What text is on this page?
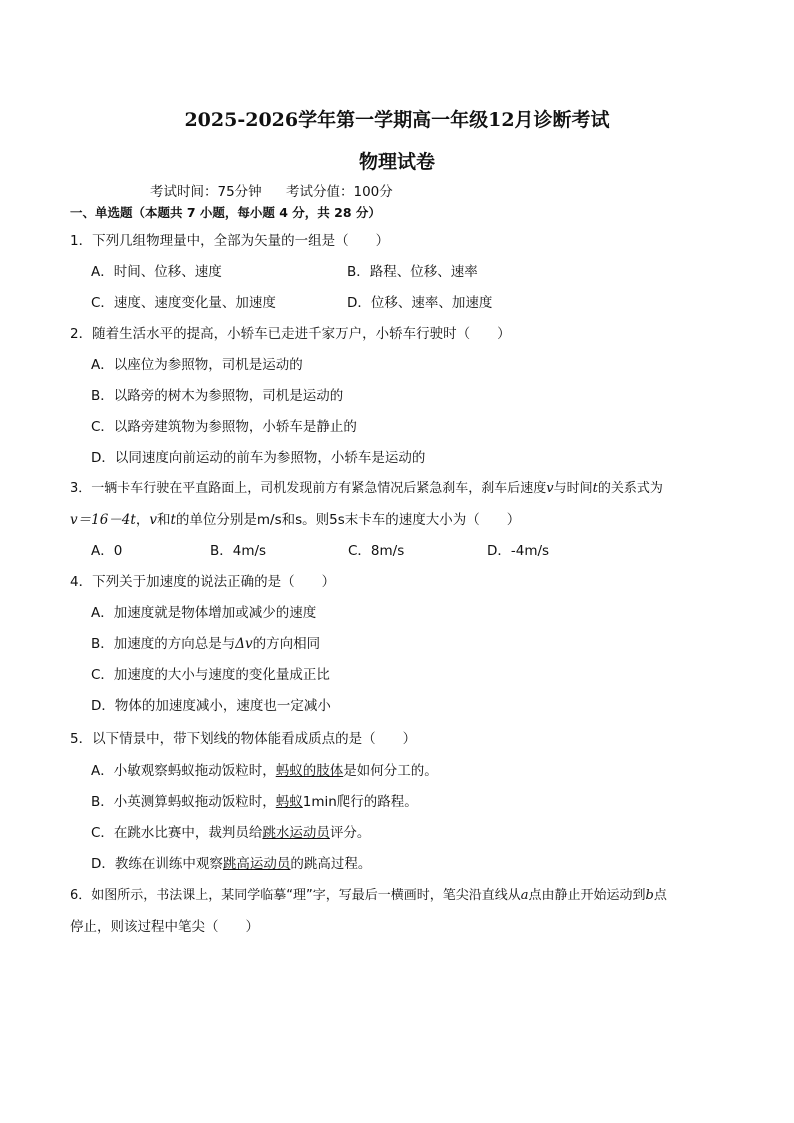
2025-2026学年第一学期高一年级12月诊断考试
物理试卷
考试时间：75分钟 考试分值：100分
一、单选题（本题共 7 小题，每小题 4 分，共 28 分）
1．下列几组物理量中，全部为矢量的一组是（　　）
A．时间、位移、速度	B．路程、位移、速率
C．速度、速度变化量、加速度	D．位移、速率、加速度
2．随着生活水平的提高，小轿车已走进千家万户，小轿车行驶时（　　）
A．以座位为参照物，司机是运动的
B．以路旁的树木为参照物，司机是运动的
C．以路旁建筑物为参照物，小轿车是静止的
D．以同速度向前运动的前车为参照物，小轿车是运动的
3．一辆卡车行驶在平直路面上，司机发现前方有紧急情况后紧急刹车，刹车后速度v与时间t的关系式为
v＝16－4t，v和t的单位分别是m/s和s。则5s末卡车的速度大小为（　　）
A．0	B．4m/s	C．8m/s	D．-4m/s
4．下列关于加速度的说法正确的是（　　）
A．加速度就是物体增加或减少的速度
B．加速度的方向总是与Δv的方向相同
C．加速度的大小与速度的变化量成正比
D．物体的加速度减小，速度也一定减小
5．以下情景中，带下划线的物体能看成质点的是（　　）
A．小敏观察蚂蚁拖动饭粒时，蚂蚁的肢体是如何分工的。
B．小英测算蚂蚁拖动饭粒时，蚂蚁1min爬行的路程。
C．在跳水比赛中，裁判员给跳水运动员评分。
D．教练在训练中观察跳高运动员的跳高过程。
6．如图所示，书法课上，某同学临摹“理”字，写最后一横画时，笔尖沿直线从a点由静止开始运动到b点
停止，则该过程中笔尖（　　）
